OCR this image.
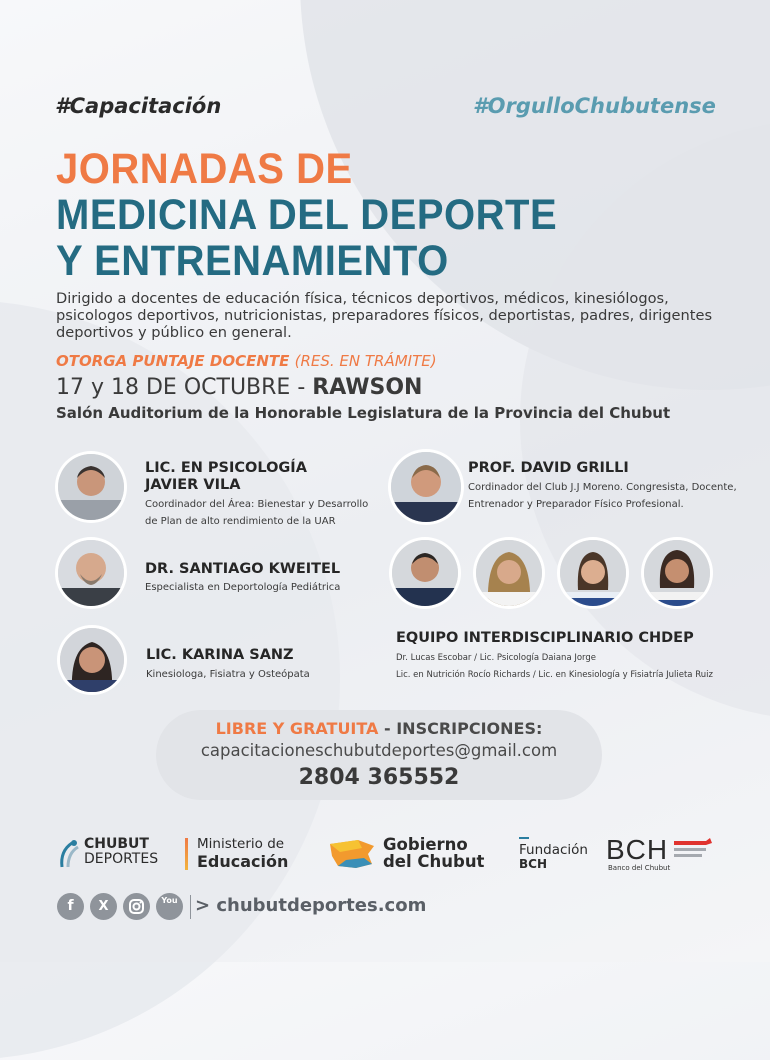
#Capacitación	#OrgulloChubutense
JORNADAS DE
MEDICINA DEL DEPORTE
Y ENTRENAMIENTO
Dirigido a docentes de educación física, técnicos deportivos, médicos, kinesiólogos, psicologos deportivos, nutricionistas, preparadores físicos, deportistas, padres, dirigentes deportivos y público en general.
OTORGA PUNTAJE DOCENTE (RES. EN TRÁMITE)
17 y 18 DE OCTUBRE - RAWSON
Salón Auditorium de la Honorable Legislatura de la Provincia del Chubut
LIC. EN PSICOLOGÍA
JAVIER VILA
Coordinador del Área: Bienestar y Desarrollo
de Plan de alto rendimiento de la UAR
DR. SANTIAGO KWEITEL
Especialista en Deportología Pediátrica
LIC. KARINA SANZ
Kinesiologa, Fisiatra y Osteópata
PROF. DAVID GRILLI
Cordinador del Club J.J Moreno. Congresista, Docente,
Entrenador y Preparador Físico Profesional.
EQUIPO INTERDISCIPLINARIO CHDEP
Dr. Lucas Escobar / Lic. Psicología Daiana Jorge
Lic. en Nutrición Rocío Richards / Lic. en Kinesiología y Fisiatría Julieta Ruiz
LIBRE Y GRATUITA - INSCRIPCIONES:
capacitacioneschubutdeportes@gmail.com
2804 365552
CHUBUT
DEPORTES
Ministerio de
Educación
Gobierno
del Chubut
Fundación
BCH BCH
Banco del Chubut
f	X	You > chubutdeportes.com
